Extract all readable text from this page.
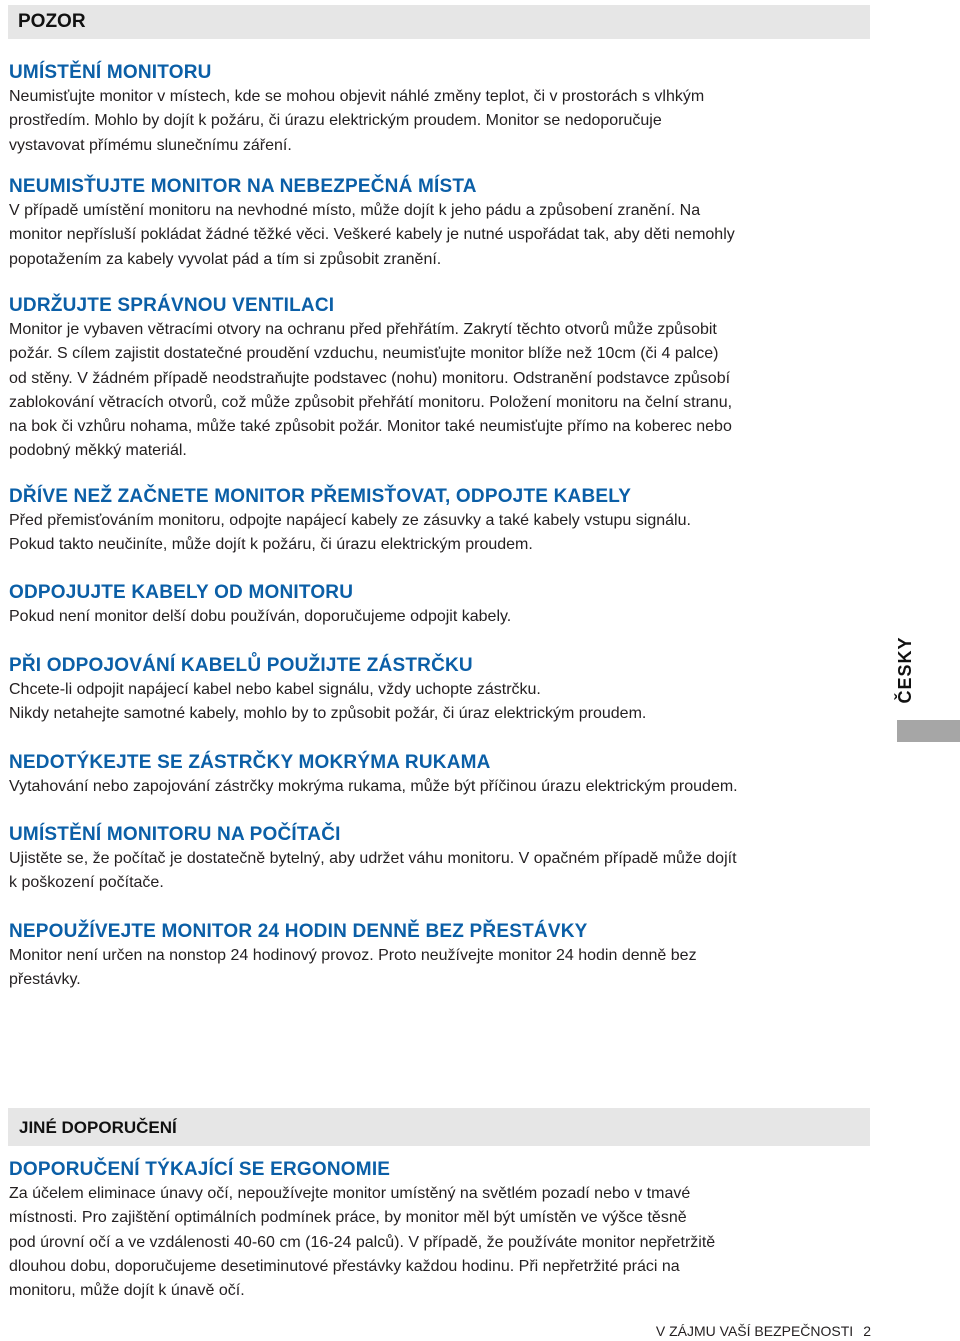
POZOR
UMÍSTĚNÍ MONITORU

Neumisťujte monitor v místech, kde se mohou objevit náhlé změny teplot, či v prostorách s vlhkým
prostředím. Mohlo by dojít k požáru, či úrazu elektrickým proudem. Monitor se nedoporučuje
vystavovat přímému slunečnímu záření.

NEUMISŤUJTE MONITOR NA NEBEZPEČNÁ MÍSTA

V případě umístění monitoru na nevhodné místo, může dojít k jeho pádu a způsobení zranění. Na
monitor nepřísluší pokládat žádné těžké věci. Veškeré kabely je nutné uspořádat tak, aby děti nemohly
popotažením za kabely vyvolat pád a tím si způsobit zranění.

UDRŽUJTE SPRÁVNOU VENTILACI

Monitor je vybaven větracími otvory na ochranu před přehřátím. Zakrytí těchto otvorů může způsobit
požár. S cílem zajistit dostatečné proudění vzduchu, neumisťujte monitor blíže než 10cm (či 4 palce)
od stěny. V žádném případě neodstraňujte podstavec (nohu) monitoru. Odstranění podstavce způsobí
zablokování větracích otvorů, což může způsobit přehřátí monitoru. Položení monitoru na čelní stranu,
na bok či vzhůru nohama, může také způsobit požár. Monitor také neumisťujte přímo na koberec nebo
podobný měkký materiál.

DŘÍVE NEŽ ZAČNETE MONITOR PŘEMISŤOVAT, ODPOJTE KABELY

Před přemisťováním monitoru, odpojte napájecí kabely ze zásuvky a také kabely vstupu signálu.
Pokud takto neučiníte, může dojít k požáru, či úrazu elektrickým proudem.

ODPOJUJTE KABELY OD MONITORU

Pokud není monitor delší dobu používán, doporučujeme odpojit kabely.

PŘI ODPOJOVÁNÍ KABELŮ POUŽIJTE ZÁSTRČKU

Chcete-li odpojit napájecí kabel nebo kabel signálu, vždy uchopte zástrčku.
Nikdy netahejte samotné kabely, mohlo by to způsobit požár, či úraz elektrickým proudem.

NEDOTÝKEJTE SE ZÁSTRČKY MOKRÝMA RUKAMA

Vytahování nebo zapojování zástrčky mokrýma rukama, může být příčinou úrazu elektrickým proudem.

UMÍSTĚNÍ MONITORU NA POČÍTAČI

Ujistěte se, že počítač je dostatečně bytelný, aby udržet váhu monitoru. V opačném případě může dojít
k poškození počítače.

NEPOUŽÍVEJTE MONITOR 24 HODIN DENNĚ BEZ PŘESTÁVKY

Monitor není určen na nonstop 24 hodinový provoz. Proto neužívejte monitor 24 hodin denně bez
přestávky.

JINÉ DOPORUČENÍ
DOPORUČENÍ TÝKAJÍCÍ SE ERGONOMIE

Za účelem eliminace únavy očí, nepoužívejte monitor umístěný na světlém pozadí nebo v tmavé
místnosti. Pro zajištění optimálních podmínek práce, by monitor měl být umístěn ve výšce těsně
pod úrovní očí a ve vzdálenosti 40-60 cm (16-24 palců). V případě, že používáte monitor nepřetržitě
dlouhou dobu, doporučujeme desetiminutové přestávky každou hodinu. Při nepřetržité práci na
monitoru, může dojít k únavě očí.

ČESKY
V ZÁJMU VAŠÍ BEZPEČNOSTI 2
